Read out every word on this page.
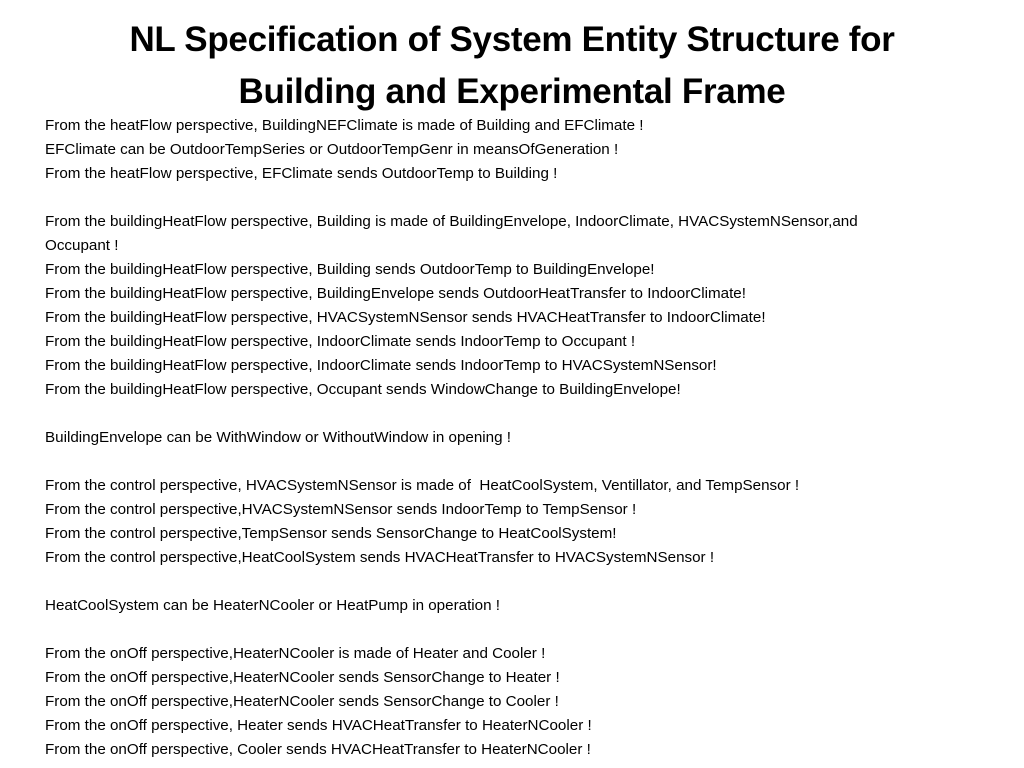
NL Specification of System Entity Structure for
Building and Experimental Frame

From the heatFlow perspective, BuildingNEFClimate is made of Building and EFClimate !

EFClimate can be OutdoorTempSeries or OutdoorTempGenr in meansOfGeneration !

From the heatFlow perspective, EFClimate sends OutdoorTemp to Building !

From the buildingHeatFlow perspective, Building is made of BuildingEnvelope, IndoorClimate, HVACSystemNSensor,and

Occupant !

From the buildingHeatFlow perspective, Building sends OutdoorTemp to BuildingEnvelope!

From the buildingHeatFlow perspective, BuildingEnvelope sends OutdoorHeatTransfer to IndoorClimate!

From the buildingHeatFlow perspective, HVACSystemNSensor sends HVACHeatTransfer to IndoorClimate!

From the buildingHeatFlow perspective, IndoorClimate sends IndoorTemp to Occupant !

From the buildingHeatFlow perspective, IndoorClimate sends IndoorTemp to HVACSystemNSensor!

From the buildingHeatFlow perspective, Occupant sends WindowChange to BuildingEnvelope!

BuildingEnvelope can be WithWindow or WithoutWindow in opening !

From the control perspective, HVACSystemNSensor is made of  HeatCoolSystem, Ventillator, and TempSensor !

From the control perspective,HVACSystemNSensor sends IndoorTemp to TempSensor !

From the control perspective,TempSensor sends SensorChange to HeatCoolSystem!

From the control perspective,HeatCoolSystem sends HVACHeatTransfer to HVACSystemNSensor !

HeatCoolSystem can be HeaterNCooler or HeatPump in operation !

From the onOff perspective,HeaterNCooler is made of Heater and Cooler !

From the onOff perspective,HeaterNCooler sends SensorChange to Heater !

From the onOff perspective,HeaterNCooler sends SensorChange to Cooler !

From the onOff perspective, Heater sends HVACHeatTransfer to HeaterNCooler !

From the onOff perspective, Cooler sends HVACHeatTransfer to HeaterNCooler !
